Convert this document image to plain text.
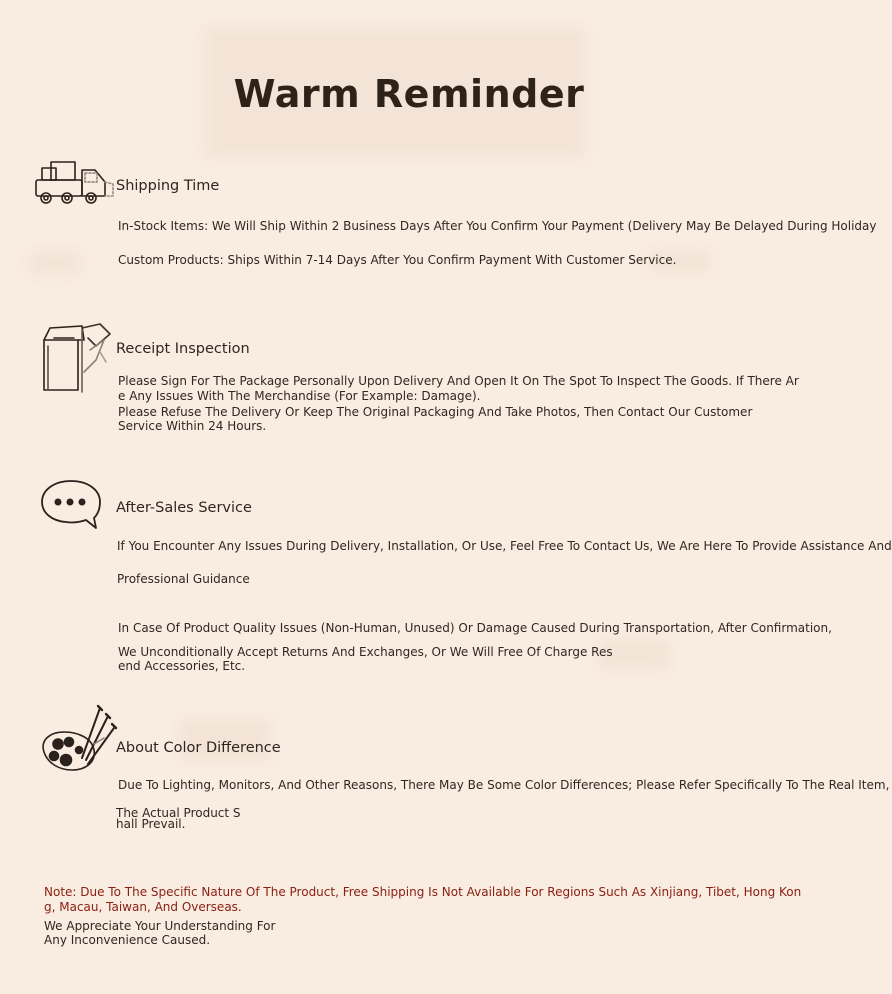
Warm Reminder
Shipping Time
In-Stock Items: We Will Ship Within 2 Business Days After You Confirm Your Payment (Delivery May Be Delayed During Holiday
Custom Products: Ships Within 7-14 Days After You Confirm Payment With Customer Service.
Receipt Inspection
Please Sign For The Package Personally Upon Delivery And Open It On The Spot To Inspect The Goods. If There Ar
e Any Issues With The Merchandise (For Example: Damage).
Please Refuse The Delivery Or Keep The Original Packaging And Take Photos, Then Contact Our Customer
Service Within 24 Hours.
After-Sales Service
If You Encounter Any Issues During Delivery, Installation, Or Use, Feel Free To Contact Us, We Are Here To Provide Assistance And
Professional Guidance
In Case Of Product Quality Issues (Non-Human, Unused) Or Damage Caused During Transportation, After Confirmation,
We Unconditionally Accept Returns And Exchanges, Or We Will Free Of Charge Res
end Accessories, Etc.
About Color Difference
Due To Lighting, Monitors, And Other Reasons, There May Be Some Color Differences; Please Refer Specifically To The Real Item,
The Actual Product S
hall Prevail.
Note: Due To The Specific Nature Of The Product, Free Shipping Is Not Available For Regions Such As Xinjiang, Tibet, Hong Kon
g, Macau, Taiwan, And Overseas.
We Appreciate Your Understanding For
Any Inconvenience Caused.
